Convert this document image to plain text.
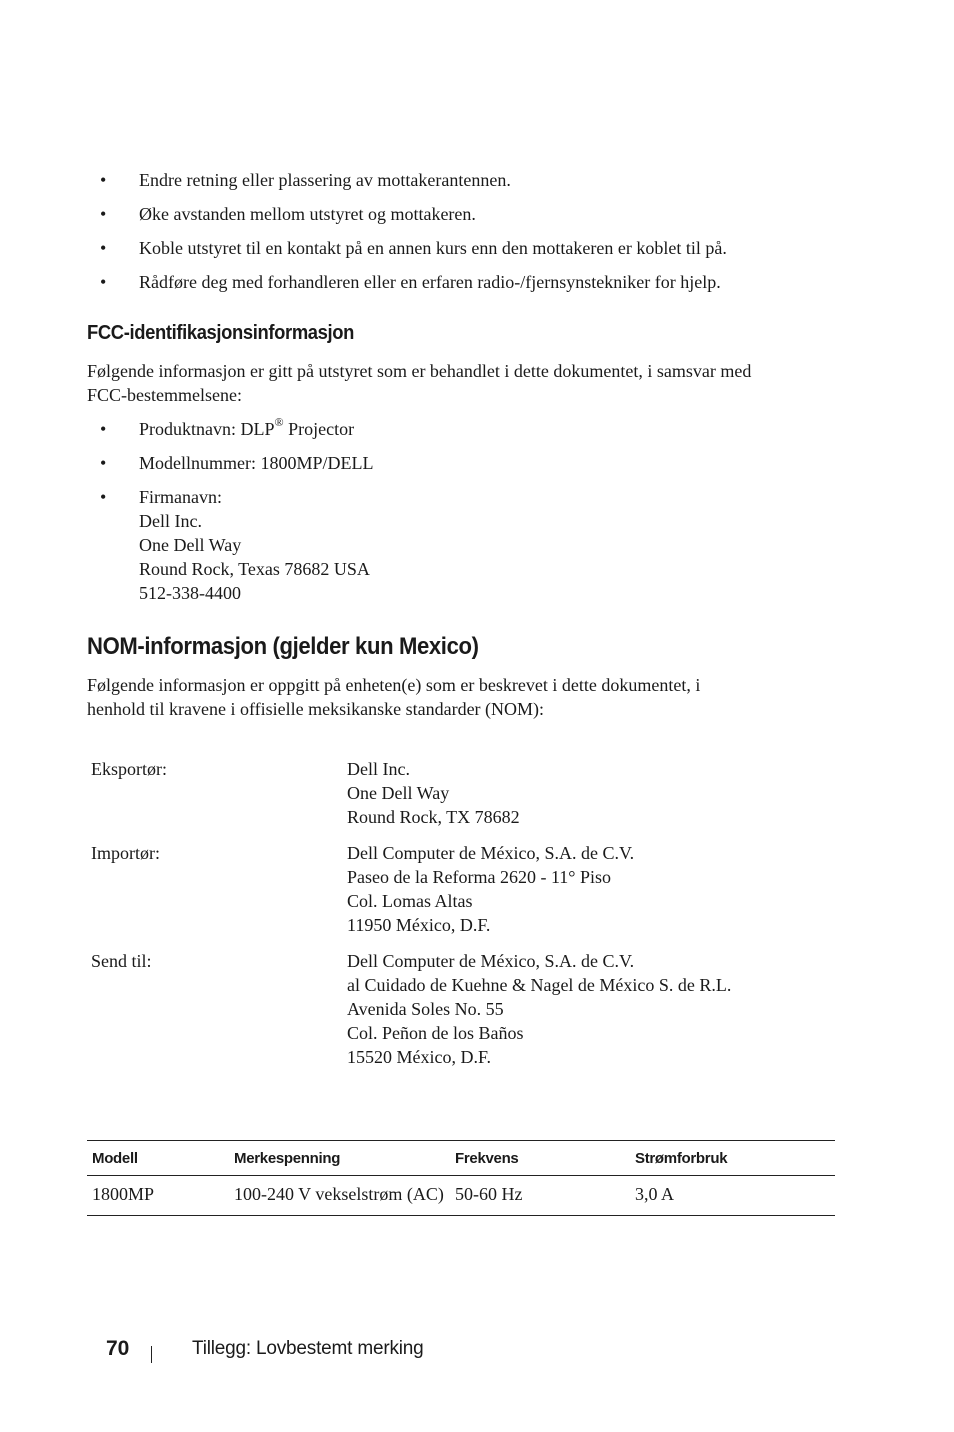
• Endre retning eller plassering av mottakerantennen.
• Øke avstanden mellom utstyret og mottakeren.
• Koble utstyret til en kontakt på en annen kurs enn den mottakeren er koblet til på.
• Rådføre deg med forhandleren eller en erfaren radio-/fjernsynstekniker for hjelp.
FCC-identifikasjonsinformasjon
Følgende informasjon er gitt på utstyret som er behandlet i dette dokumentet, i samsvar med
FCC-bestemmelsene:
• Produktnavn: DLP® Projector
• Modellnummer: 1800MP/DELL
• Firmanavn:
Dell Inc.
One Dell Way
Round Rock, Texas 78682 USA
512-338-4400
NOM-informasjon (gjelder kun Mexico)
Følgende informasjon er oppgitt på enheten(e) som er beskrevet i dette dokumentet, i
henhold til kravene i offisielle meksikanske standarder (NOM):
Eksportør:	Dell Inc.
One Dell Way
Round Rock, TX 78682
Importør:	Dell Computer de México, S.A. de C.V.
Paseo de la Reforma 2620 - 11° Piso
Col. Lomas Altas
11950 México, D.F.
Send til:	Dell Computer de México, S.A. de C.V.
al Cuidado de Kuehne & Nagel de México S. de R.L.
Avenida Soles No. 55
Col. Peñon de los Baños
15520 México, D.F.
Modell	Merkespenning	Frekvens	Strømforbruk
1800MP	100-240 V vekselstrøm (AC)	50-60 Hz	3,0 A
70	Tillegg: Lovbestemt merking
